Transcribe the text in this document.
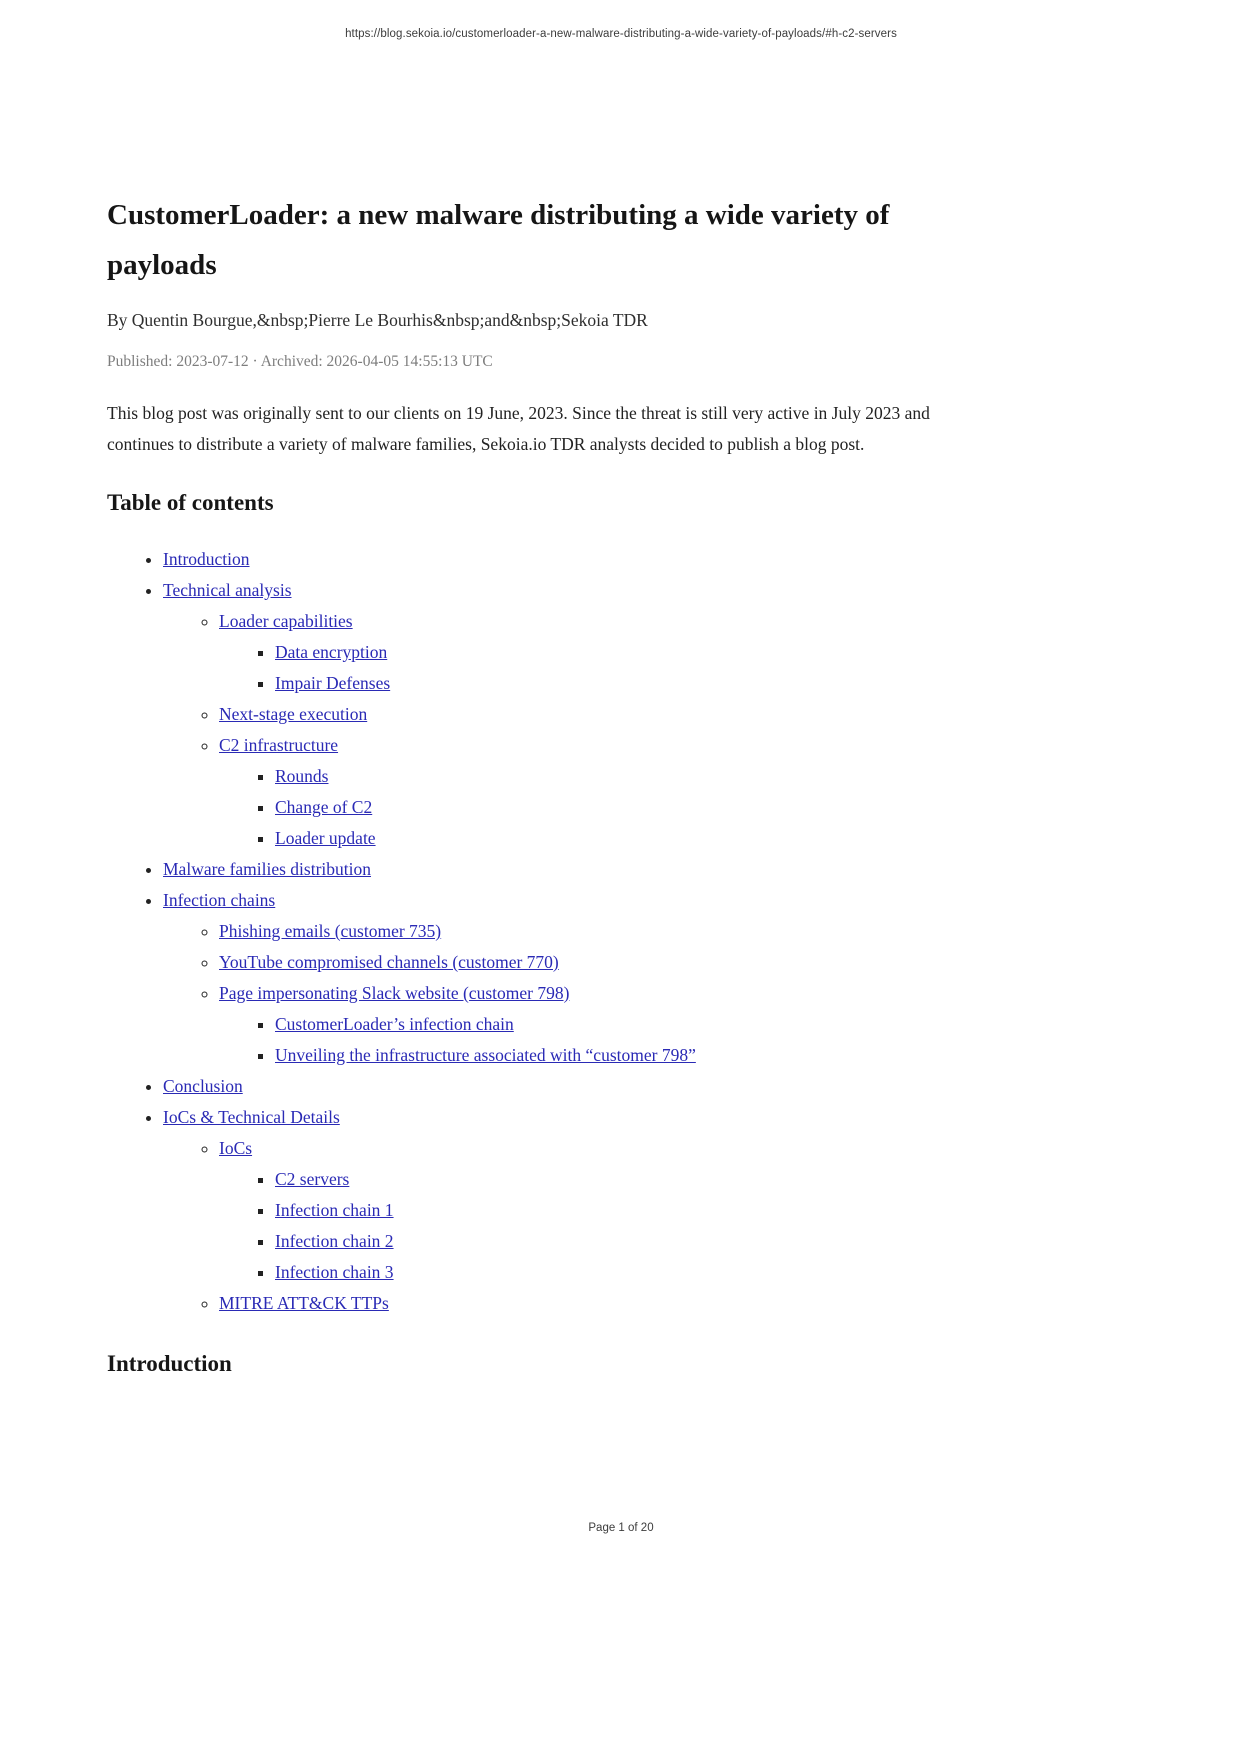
https://blog.sekoia.io/customerloader-a-new-malware-distributing-a-wide-variety-of-payloads/#h-c2-servers
CustomerLoader: a new malware distributing a wide variety of payloads

By Quentin Bourgue,&nbsp;Pierre Le Bourhis&nbsp;and&nbsp;Sekoia TDR

Published: 2023-07-12 · Archived: 2026-04-05 14:55:13 UTC

This blog post was originally sent to our clients on 19 June, 2023. Since the threat is still very active in July 2023 and continues to distribute a variety of malware families, Sekoia.io TDR analysts decided to publish a blog post.

Table of contents
• Introduction
• Technical analysis
◦ Loader capabilities
▪ Data encryption
▪ Impair Defenses
◦ Next-stage execution
◦ C2 infrastructure
▪ Rounds
▪ Change of C2
▪ Loader update
• Malware families distribution
• Infection chains
◦ Phishing emails (customer 735)
◦ YouTube compromised channels (customer 770)
◦ Page impersonating Slack website (customer 798)
▪ CustomerLoader’s infection chain
▪ Unveiling the infrastructure associated with “customer 798”
• Conclusion
• IoCs & Technical Details
◦ IoCs
▪ C2 servers
▪ Infection chain 1
▪ Infection chain 2
▪ Infection chain 3
◦ MITRE ATT&CK TTPs
Introduction
Page 1 of 20
